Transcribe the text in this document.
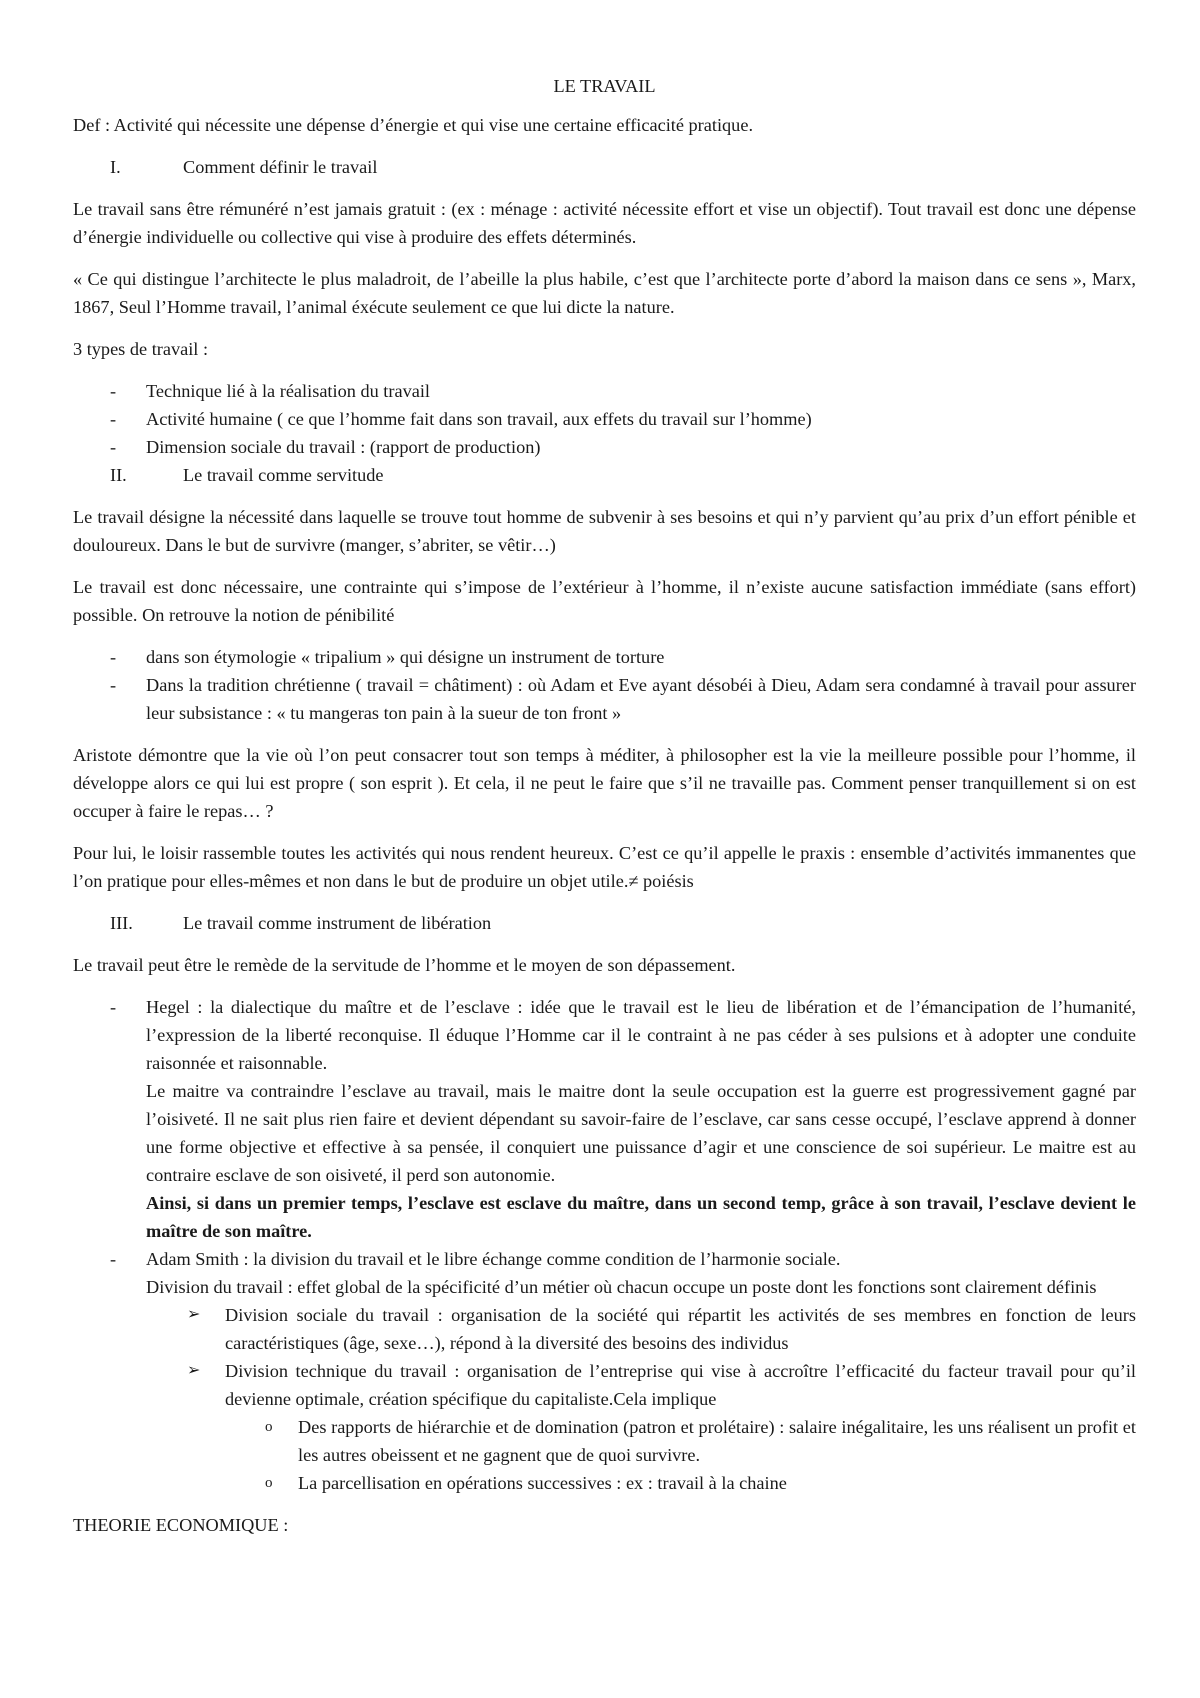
LE TRAVAIL

Def : Activité qui nécessite une dépense d’énergie et qui vise une certaine efficacité pratique.

I.	Comment définir le travail

Le travail sans être rémunéré n’est jamais gratuit : (ex : ménage : activité nécessite effort et vise un objectif). Tout travail est donc une dépense d’énergie individuelle ou collective qui vise à produire des effets déterminés.

« Ce qui distingue l’architecte le plus maladroit, de l’abeille la plus habile, c’est que l’architecte porte d’abord la maison dans ce sens », Marx, 1867, Seul l’Homme travail, l’animal éxécute seulement ce que lui dicte la nature.

3 types de travail :

- Technique lié à la réalisation du travail
- Activité humaine ( ce que l’homme fait dans son travail, aux effets du travail sur l’homme)
- Dimension sociale du travail : (rapport de production)
II.	Le travail comme servitude

Le travail désigne la nécessité dans laquelle se trouve tout homme de subvenir à ses besoins et qui n’y parvient qu’au prix d’un effort pénible et douloureux. Dans le but de survivre (manger, s’abriter, se vêtir…)

Le travail est donc nécessaire, une contrainte qui s’impose de l’extérieur à l’homme, il n’existe aucune satisfaction immédiate (sans effort) possible. On retrouve la notion de pénibilité

- dans son étymologie « tripalium » qui désigne un instrument de torture
- Dans la tradition chrétienne ( travail = châtiment) : où Adam et Eve ayant désobéi à Dieu, Adam sera condamné à travail pour assurer leur subsistance : « tu mangeras ton pain à la sueur de ton front »

Aristote démontre que la vie où l’on peut consacrer tout son temps à méditer, à philosopher est la vie la meilleure possible pour l’homme, il développe alors ce qui lui est propre ( son esprit ). Et cela, il ne peut le faire que s’il ne travaille pas. Comment penser tranquillement si on est occuper à faire le repas… ?

Pour lui, le loisir rassemble toutes les activités qui nous rendent heureux. C’est ce qu’il appelle le praxis : ensemble d’activités immanentes que l’on pratique pour elles-mêmes et non dans le but de produire un objet utile.≠ poiésis

III.	Le travail comme instrument de libération

Le travail peut être le remède de la servitude de l’homme et le moyen de son dépassement.

- Hegel : la dialectique du maître et de l’esclave : idée que le travail est le lieu de libération et de l’émancipation de l’humanité, l’expression de la liberté reconquise. Il éduque l’Homme car il le contraint à ne pas céder à ses pulsions et à adopter une conduite raisonnée et raisonnable.
Le maitre va contraindre l’esclave au travail, mais le maitre dont la seule occupation est la guerre est progressivement gagné par l’oisiveté. Il ne sait plus rien faire et devient dépendant su savoir-faire de l’esclave, car sans cesse occupé, l’esclave apprend à donner une forme objective et effective à sa pensée, il conquiert une puissance d’agir et une conscience de soi supérieur. Le maitre est au contraire esclave de son oisiveté, il perd son autonomie.
Ainsi, si dans un premier temps, l’esclave est esclave du maître, dans un second temp, grâce à son travail, l’esclave devient le maître de son maître.
- Adam Smith : la division du travail et le libre échange comme condition de l’harmonie sociale.
Division du travail : effet global de la spécificité d’un métier où chacun occupe un poste dont les fonctions sont clairement définis
➢ Division sociale du travail : organisation de la société qui répartit les activités de ses membres en fonction de leurs caractéristiques (âge, sexe…), répond à la diversité des besoins des individus
➢ Division technique du travail : organisation de l’entreprise qui vise à accroître l’efficacité du facteur travail pour qu’il devienne optimale, création spécifique du capitaliste.Cela implique
o Des rapports de hiérarchie et de domination (patron et prolétaire) : salaire inégalitaire, les uns réalisent un profit et les autres obeissent et ne gagnent que de quoi survivre.
o La parcellisation en opérations successives : ex : travail à la chaine

THEORIE ECONOMIQUE :
